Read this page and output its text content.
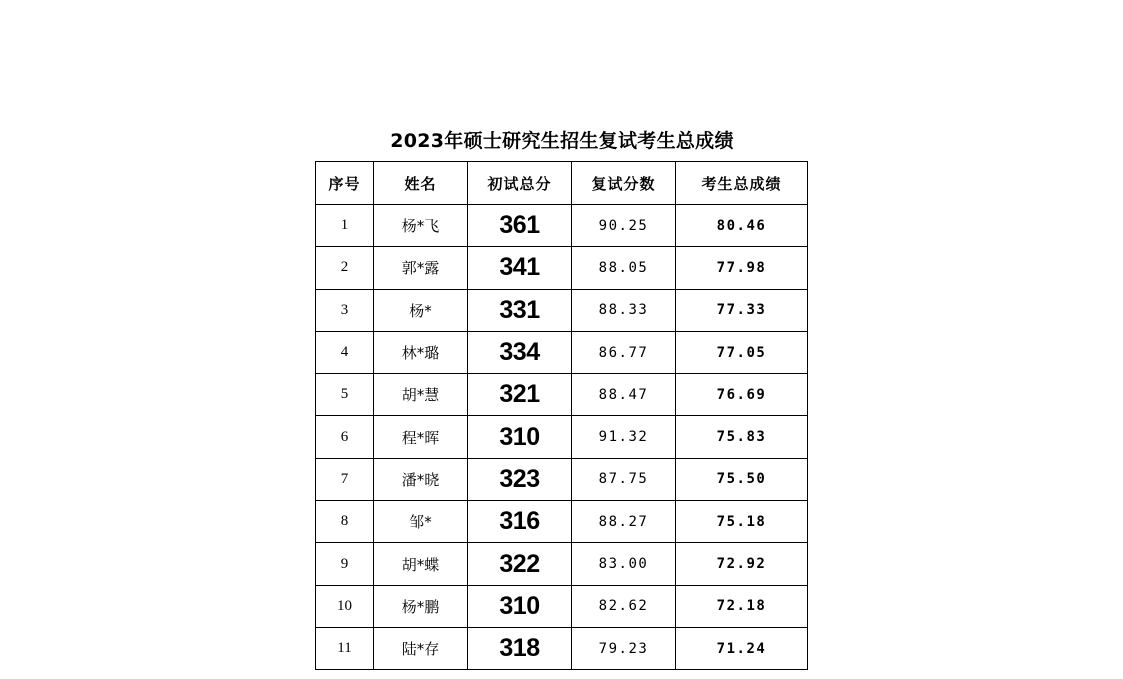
2023年硕士研究生招生复试考生总成绩
序号	姓名	初试总分	复试分数	考生总成绩
1	杨*飞	361	90.25	80.46
2	郭*露	341	88.05	77.98
3	杨*	331	88.33	77.33
4	林*璐	334	86.77	77.05
5	胡*慧	321	88.47	76.69
6	程*晖	310	91.32	75.83
7	潘*晓	323	87.75	75.50
8	邹*	316	88.27	75.18
9	胡*蝶	322	83.00	72.92
10	杨*鹏	310	82.62	72.18
11	陆*存	318	79.23	71.24
